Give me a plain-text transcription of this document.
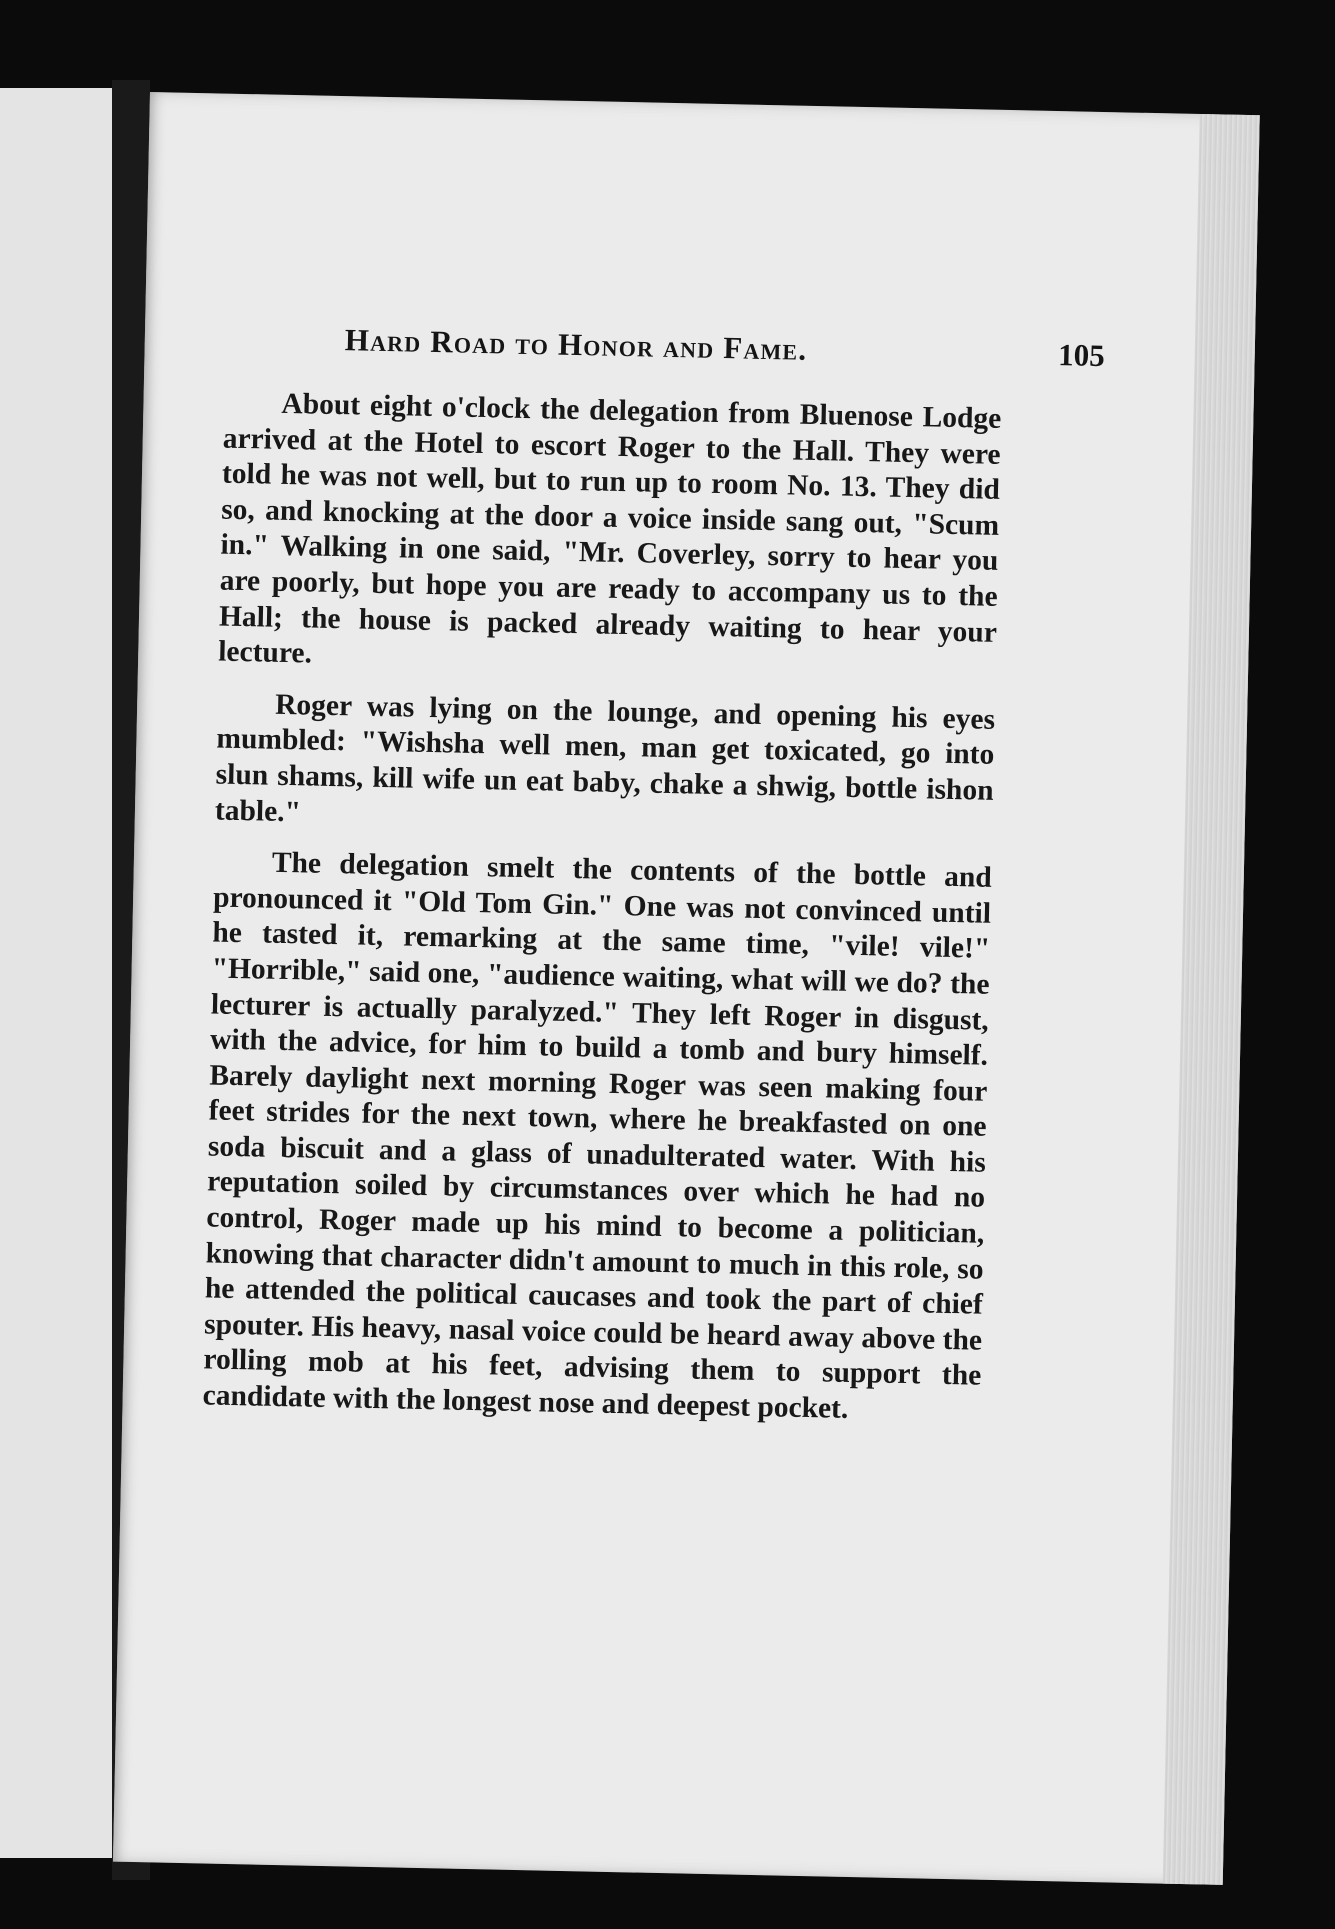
Hard Road to Honor and Fame.	105

About eight o'clock the delegation from Bluenose Lodge arrived at the Hotel to escort Roger to the Hall. They were told he was not well, but to run up to room No. 13. They did so, and knocking at the door a voice inside sang out, "Scum in." Walking in one said, "Mr. Coverley, sorry to hear you are poorly, but hope you are ready to accompany us to the Hall; the house is packed already waiting to hear your lecture.

Roger was lying on the lounge, and opening his eyes mumbled: "Wishsha well men, man get toxicated, go into slun shams, kill wife un eat baby, chake a shwig, bottle ishon table."

The delegation smelt the contents of the bottle and pronounced it "Old Tom Gin." One was not convinced until he tasted it, remarking at the same time, "vile! vile!" "Horrible," said one, "audience waiting, what will we do? the lecturer is actually paralyzed." They left Roger in disgust, with the advice, for him to build a tomb and bury himself. Barely daylight next morning Roger was seen making four feet strides for the next town, where he breakfasted on one soda biscuit and a glass of unadulterated water. With his reputation soiled by circumstances over which he had no control, Roger made up his mind to become a politician, knowing that character didn't amount to much in this role, so he attended the political caucases and took the part of chief spouter. His heavy, nasal voice could be heard away above the rolling mob at his feet, advising them to support the candidate with the longest nose and deepest pocket.
